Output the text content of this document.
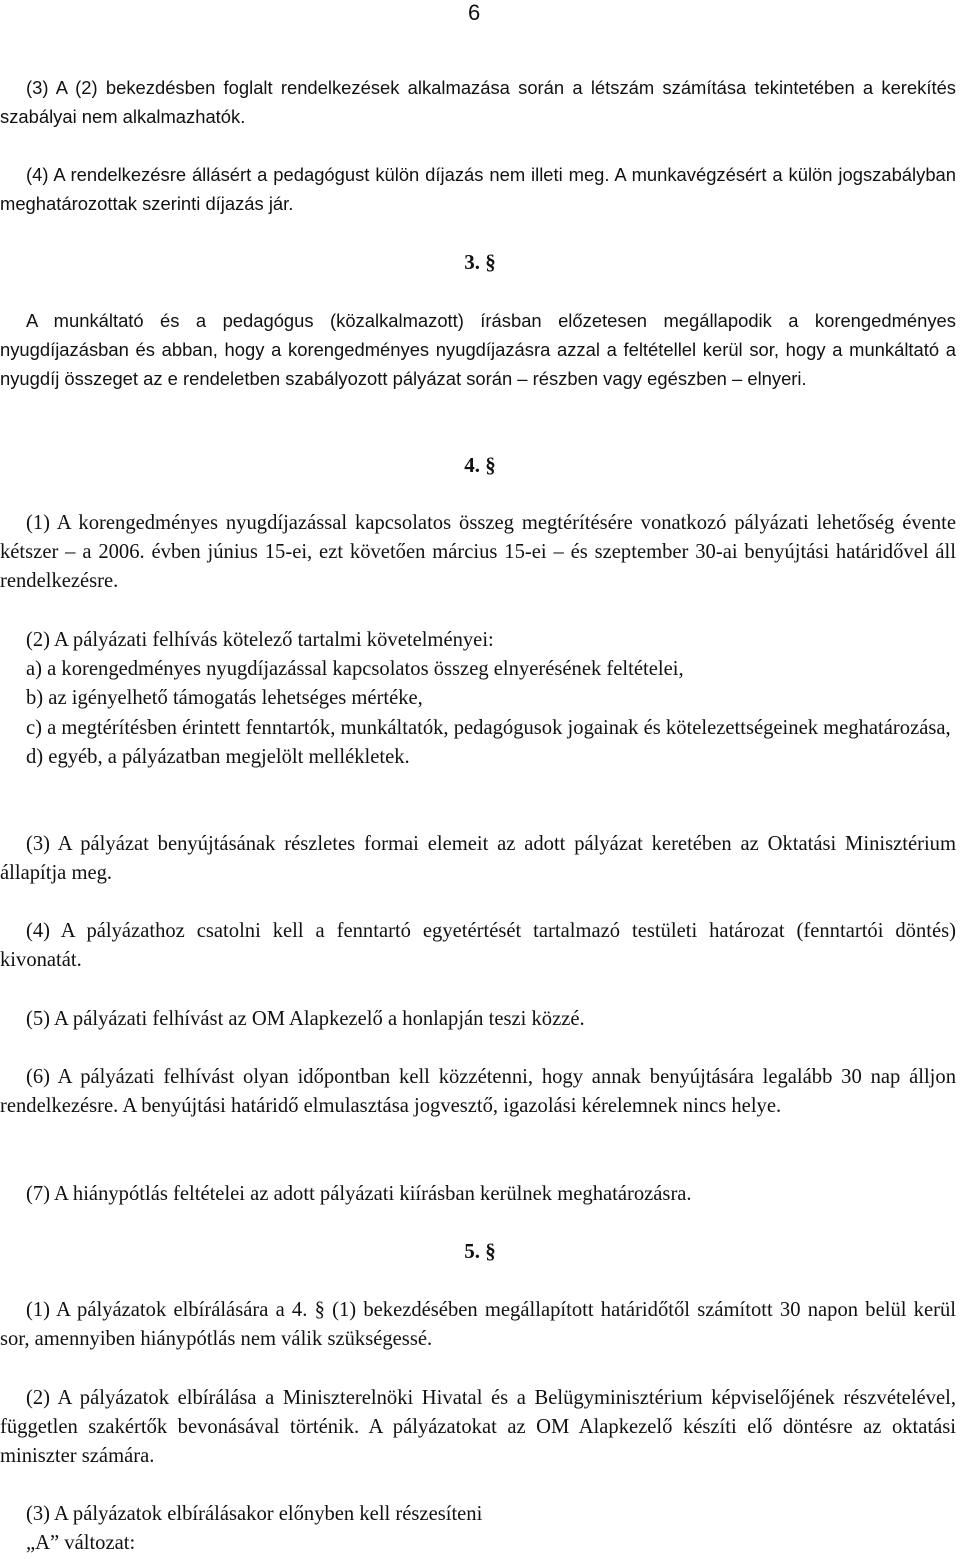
6

(3) A (2) bekezdésben foglalt rendelkezések alkalmazása során a létszám számítása tekintetében a kerekítés szabályai nem alkalmazhatók.

(4) A rendelkezésre állásért a pedagógust külön díjazás nem illeti meg. A munkavégzésért a külön jogszabályban meghatározottak szerinti díjazás jár.

3. §

A munkáltató és a pedagógus (közalkalmazott) írásban előzetesen megállapodik a korengedményes nyugdíjazásban és abban, hogy a korengedményes nyugdíjazásra azzal a feltétellel kerül sor, hogy a munkáltató a nyugdíj összeget az e rendeletben szabályozott pályázat során – részben vagy egészben – elnyeri.

4. §

(1) A korengedményes nyugdíjazással kapcsolatos összeg megtérítésére vonatkozó pályázati lehetőség évente kétszer – a 2006. évben június 15-ei, ezt követően március 15-ei – és szeptember 30-ai benyújtási határidővel áll rendelkezésre.

(2) A pályázati felhívás kötelező tartalmi követelményei:
a) a korengedményes nyugdíjazással kapcsolatos összeg elnyerésének feltételei,
b) az igényelhető támogatás lehetséges mértéke,
c) a megtérítésben érintett fenntartók, munkáltatók, pedagógusok jogainak és kötelezettségeinek meghatározása,
d) egyéb, a pályázatban megjelölt mellékletek.

(3) A pályázat benyújtásának részletes formai elemeit az adott pályázat keretében az Oktatási Minisztérium állapítja meg.

(4) A pályázathoz csatolni kell a fenntartó egyetértését tartalmazó testületi határozat (fenntartói döntés) kivonatát.

(5) A pályázati felhívást az OM Alapkezelő a honlapján teszi közzé.

(6) A pályázati felhívást olyan időpontban kell közzétenni, hogy annak benyújtására legalább 30 nap álljon rendelkezésre. A benyújtási határidő elmulasztása jogvesztő, igazolási kérelemnek nincs helye.

(7) A hiánypótlás feltételei az adott pályázati kiírásban kerülnek meghatározásra.

5. §

(1) A pályázatok elbírálására a 4. § (1) bekezdésében megállapított határidőtől számított 30 napon belül kerül sor, amennyiben hiánypótlás nem válik szükségessé.

(2) A pályázatok elbírálása a Miniszterelnöki Hivatal és a Belügyminisztérium képviselőjének részvételével, független szakértők bevonásával történik. A pályázatokat az OM Alapkezelő készíti elő döntésre az oktatási miniszter számára.

(3) A pályázatok elbírálásakor előnyben kell részesíteni
„A” változat:
